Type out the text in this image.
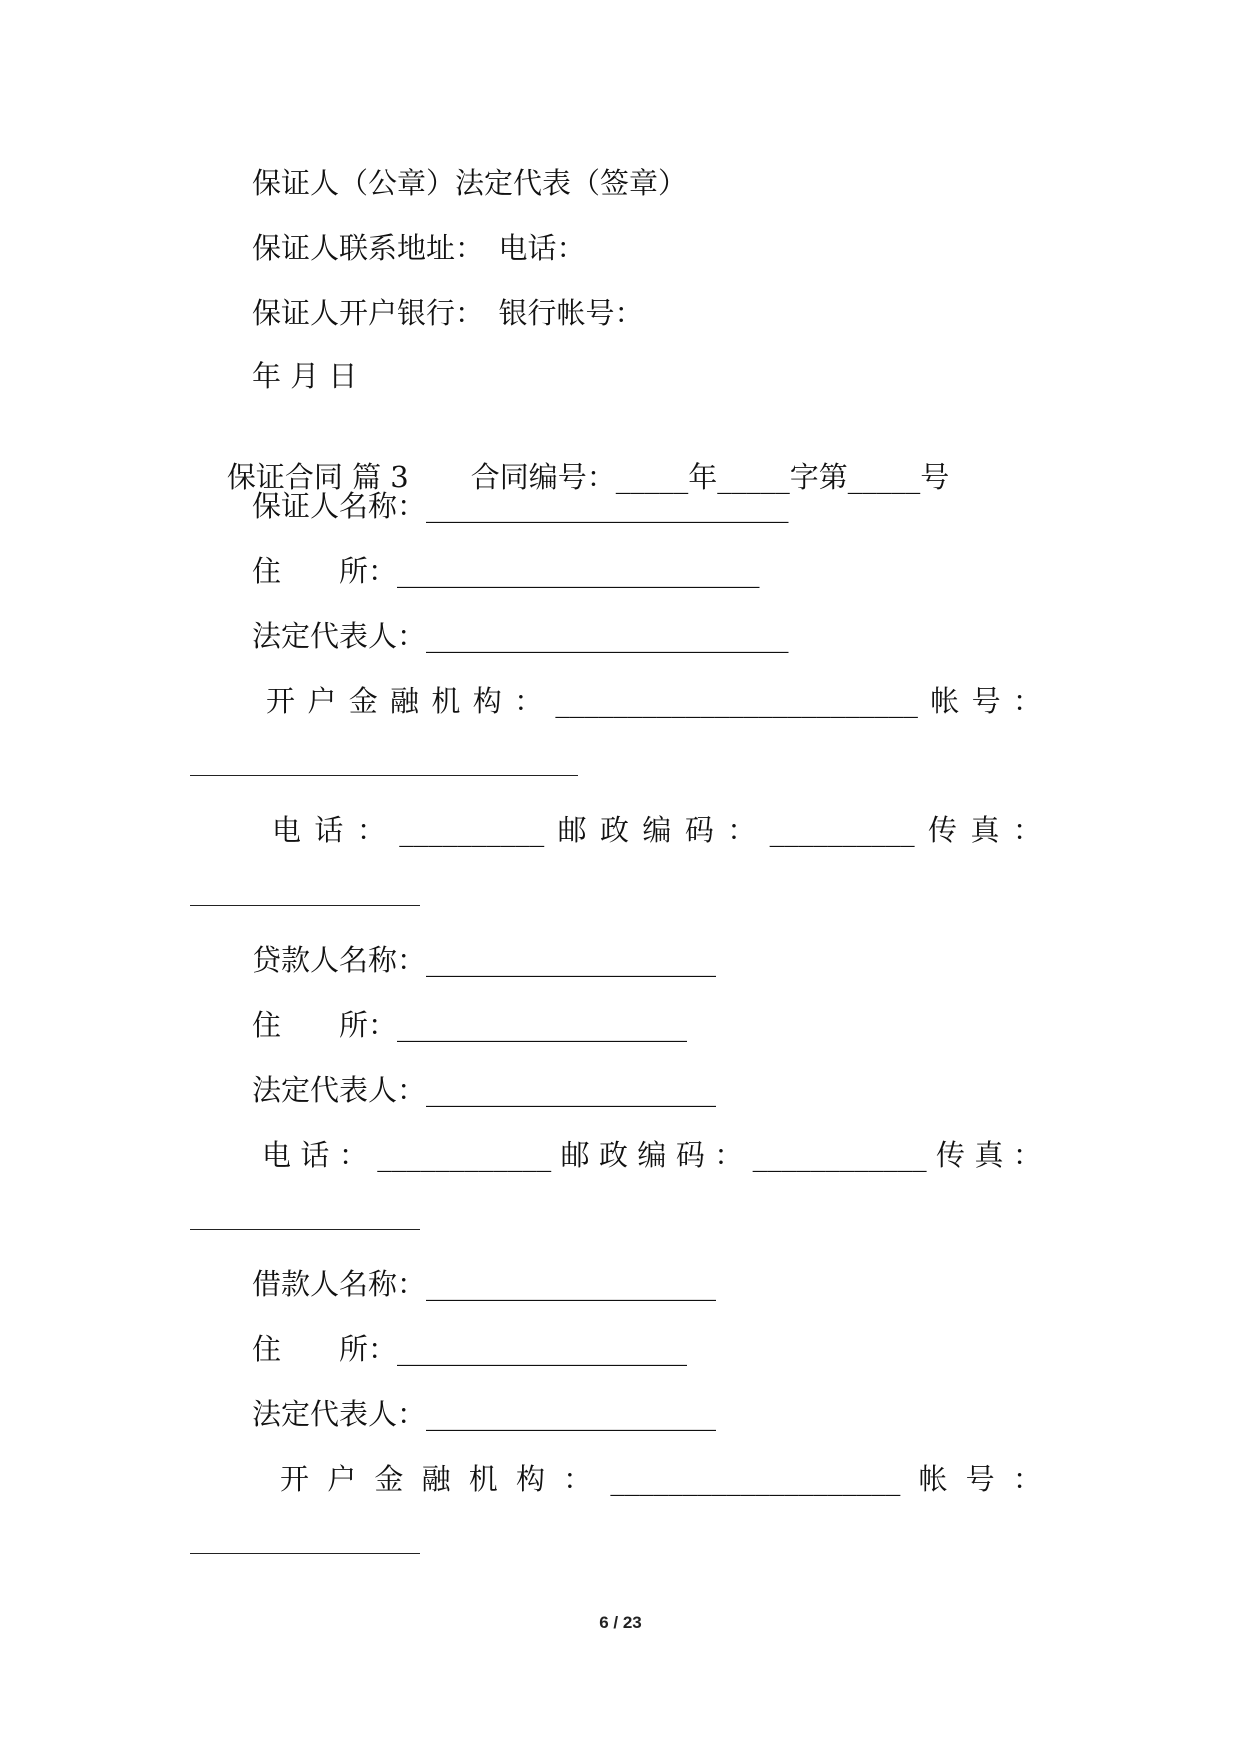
保证人（公章）法定代表（签章）
保证人联系地址：　电话：
保证人开户银行：　银行帐号：
年 月 日

保证合同 篇 3 合同编号：_____年_____字第_____号

保证人名称：_________________________
住　　所：_________________________
法定代表人：_________________________
开 户 金 融 机 构 ： _________________________ 帐 号 ：
电 话 ： __________ 邮 政 编 码 ： __________ 传 真 ：
贷款人名称：____________________
住　　所：____________________
法定代表人：____________________
电 话 ： ____________ 邮 政 编 码 ： ____________ 传 真 ：
借款人名称：____________________
住　　所：____________________
法定代表人：____________________
开 户 金 融 机 构 ： ____________________ 帐 号 ：
6 / 23
